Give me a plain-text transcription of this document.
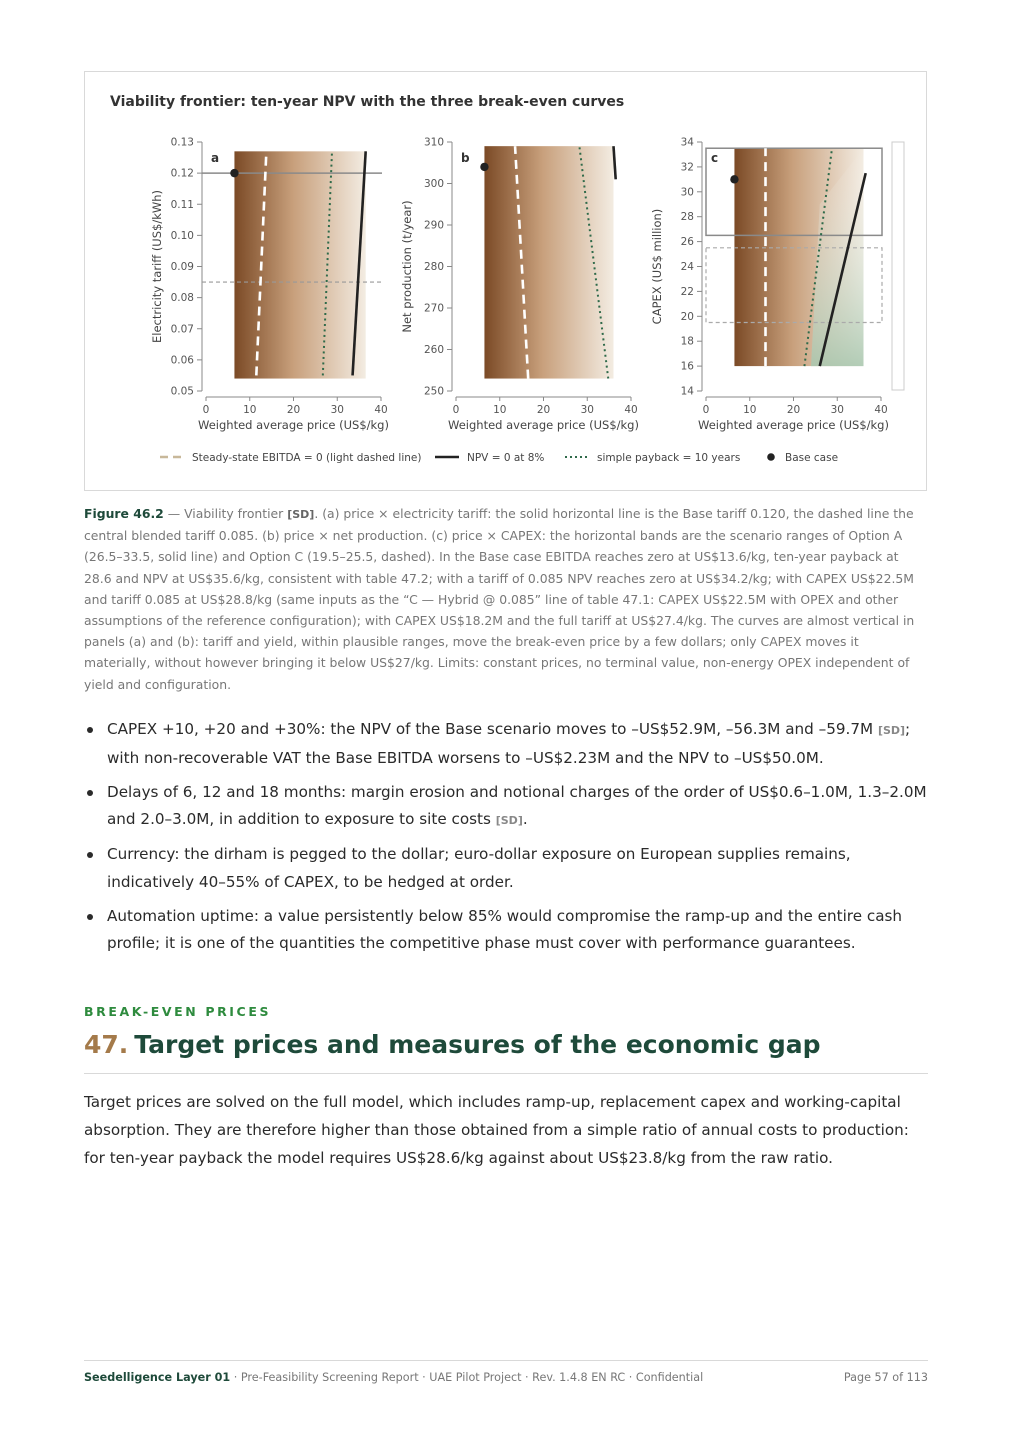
Viability frontier: ten-year NPV with the three break-even curves
0.05
0.06
0.07
0.08
0.09
0.10
0.11
0.12
0.13
0	10	20	30	40
Weighted average price (US$/kg)
Electricity tariff (US$/kWh)
a
250
260
270
280
290
300
310
0	10	20	30	40
Weighted average price (US$/kg)
Net production (t/year)
b
14
16
18
20
22
24
26
28
30
32
34
0	10	20	30	40
Weighted average price (US$/kg)
CAPEX (US$ million)
c
Steady-state EBITDA = 0 (light dashed line)	NPV = 0 at 8%	simple payback = 10 years	Base case
Figure 46.2 — Viability frontier [SD]. (a) price × electricity tariff: the solid horizontal line is the Base tariff 0.120, the dashed line the central blended tariff 0.085. (b) price × net production. (c) price × CAPEX: the horizontal bands are the scenario ranges of Option A (26.5–33.5, solid line) and Option C (19.5–25.5, dashed). In the Base case EBITDA reaches zero at US$13.6/kg, ten-year payback at 28.6 and NPV at US$35.6/kg, consistent with table 47.2; with a tariff of 0.085 NPV reaches zero at US$34.2/kg; with CAPEX US$22.5M and tariff 0.085 at US$28.8/kg (same inputs as the “C — Hybrid @ 0.085” line of table 47.1: CAPEX US$22.5M with OPEX and other assumptions of the reference configuration); with CAPEX US$18.2M and the full tariff at US$27.4/kg. The curves are almost vertical in panels (a) and (b): tariff and yield, within plausible ranges, move the break-even price by a few dollars; only CAPEX moves it materially, without however bringing it below US$27/kg. Limits: constant prices, no terminal value, non-energy OPEX independent of yield and configuration.
CAPEX +10, +20 and +30%: the NPV of the Base scenario moves to –US$52.9M, –56.3M and –59.7M [SD]; with non-recoverable VAT the Base EBITDA worsens to –US$2.23M and the NPV to –US$50.0M.
Delays of 6, 12 and 18 months: margin erosion and notional charges of the order of US$0.6–1.0M, 1.3–2.0M and 2.0–3.0M, in addition to exposure to site costs [SD].
Currency: the dirham is pegged to the dollar; euro-dollar exposure on European supplies remains, indicatively 40–55% of CAPEX, to be hedged at order.
Automation uptime: a value persistently below 85% would compromise the ramp-up and the entire cash profile; it is one of the quantities the competitive phase must cover with performance guarantees.
BREAK-EVEN PRICES
47. Target prices and measures of the economic gap

Target prices are solved on the full model, which includes ramp-up, replacement capex and working-capital absorption. They are therefore higher than those obtained from a simple ratio of annual costs to production: for ten-year payback the model requires US$28.6/kg against about US$23.8/kg from the raw ratio.

Seedelligence Layer 01 · Pre-Feasibility Screening Report · UAE Pilot Project · Rev. 1.4.8 EN RC · Confidential	Page 57 of 113
